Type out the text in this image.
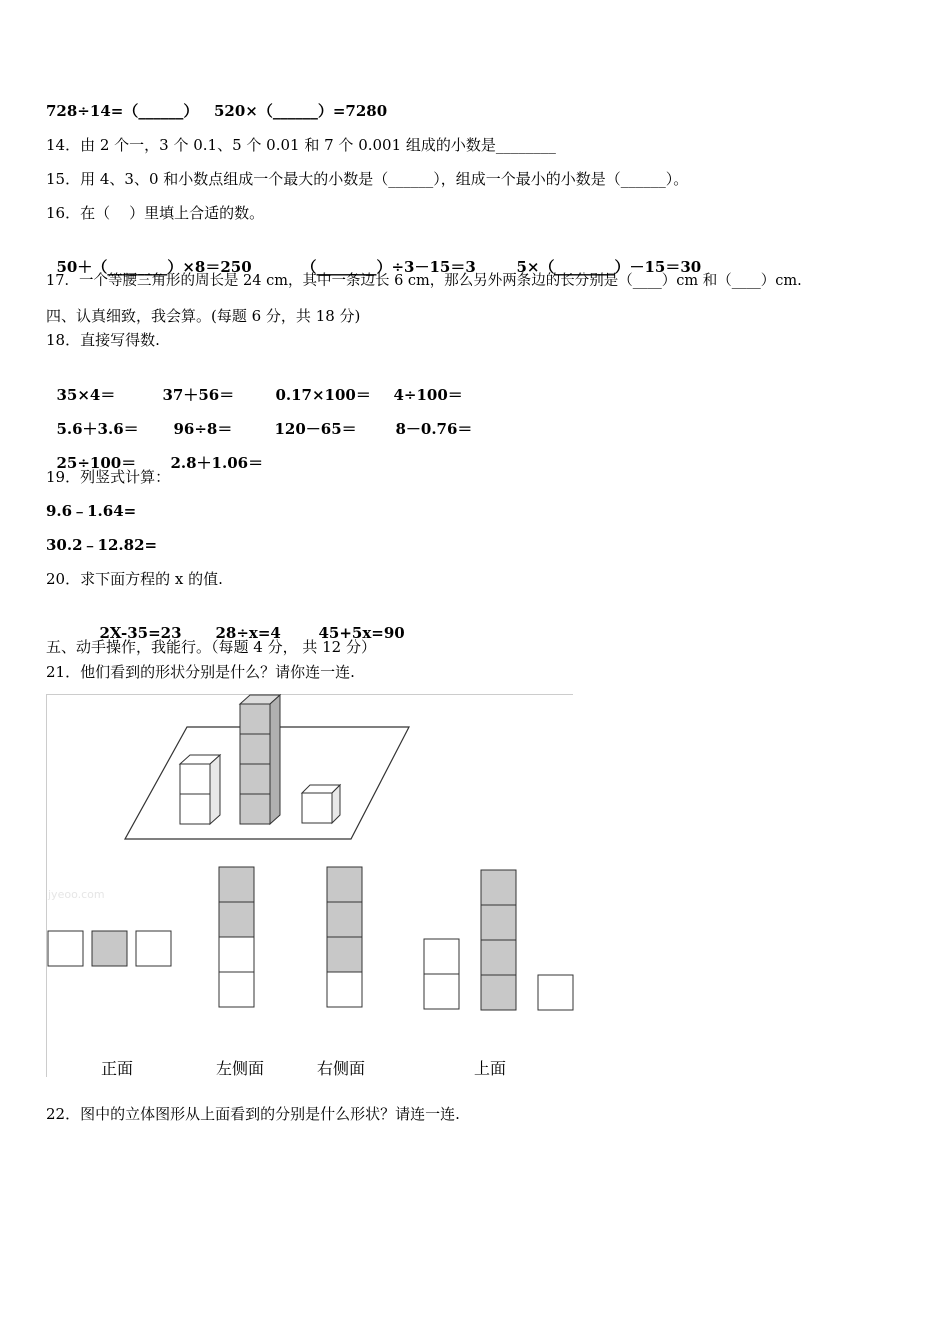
728÷14=（______）   520×（______）=7280
14．由 2 个一，3 个 0.1、5 个 0.01 和 7 个 0.001 组成的小数是________
15．用 4、3、0 和小数点组成一个最大的小数是（______），组成一个最小的小数是（______）。
16．在（    ）里填上合适的数。

50＋（________）×8＝250	（________）÷3－15＝3	5×（________）－15＝30

17．一个等腰三角形的周长是 24 cm，其中一条边长 6 cm，那么另外两条边的长分别是（____）cm 和（____）cm.
四、认真细致，我会算。(每题 6 分，共 18 分)
18．直接写得数.

35×4＝	37＋56＝	0.17×100＝ 4÷100＝

5.6＋3.6＝ 96÷8＝	120－65＝	8－0.76＝

25÷100＝ 2.8＋1.06＝

19．列竖式计算：
9.6﹣1.64=
30.2﹣12.82=
20．求下面方程的 x 的值.

2X-35=23 28÷x=4	45+5x=90

五、动手操作，我能行。（每题 4 分， 共 12 分）
21．他们看到的形状分别是什么？请你连一连.
jyeoo.com
正面	左侧面	右侧面	上面
22．图中的立体图形从上面看到的分别是什么形状？请连一连.
